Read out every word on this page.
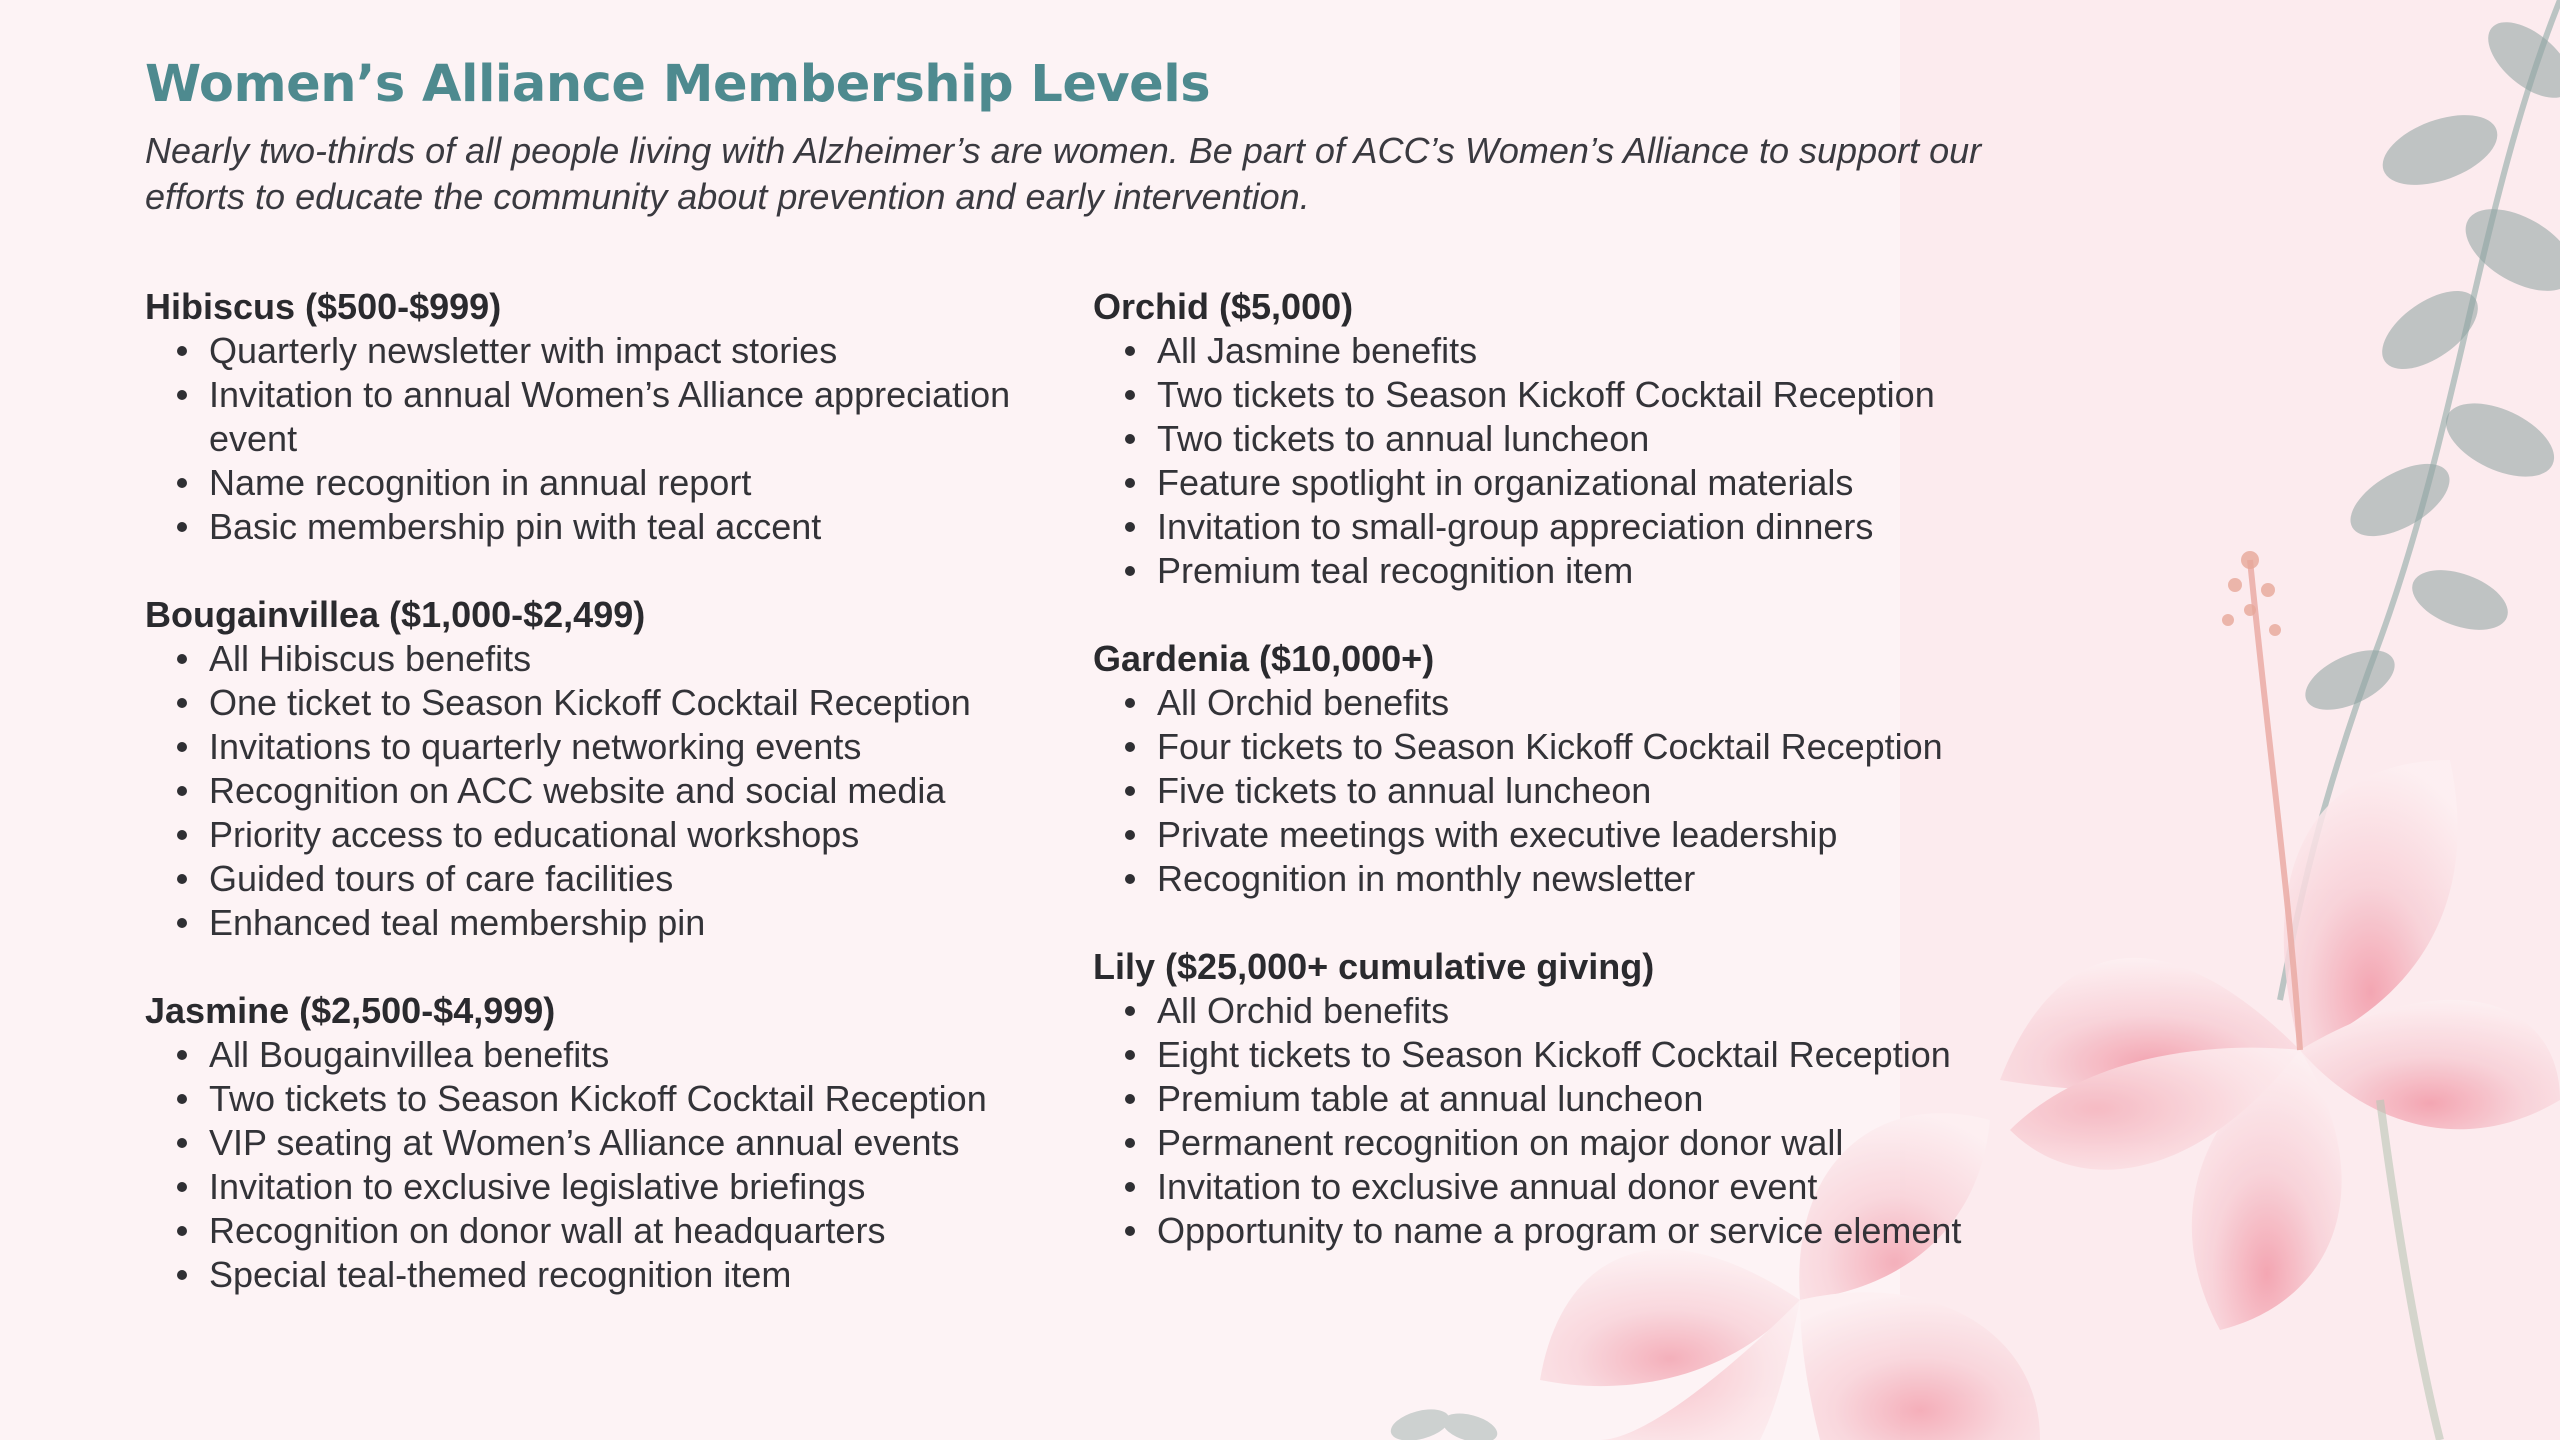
Women’s Alliance Membership Levels

Nearly two-thirds of all people living with Alzheimer’s are women. Be part of ACC’s Women’s Alliance to support our efforts to educate the community about prevention and early intervention.

Hibiscus ($500-$999)
Quarterly newsletter with impact stories
Invitation to annual Women’s Alliance appreciation event
Name recognition in annual report
Basic membership pin with teal accent
Bougainvillea ($1,000-$2,499)
All Hibiscus benefits
One ticket to Season Kickoff Cocktail Reception
Invitations to quarterly networking events
Recognition on ACC website and social media
Priority access to educational workshops
Guided tours of care facilities
Enhanced teal membership pin
Jasmine ($2,500-$4,999)
All Bougainvillea benefits
Two tickets to Season Kickoff Cocktail Reception
VIP seating at Women’s Alliance annual events
Invitation to exclusive legislative briefings
Recognition on donor wall at headquarters
Special teal-themed recognition item
Orchid ($5,000)
All Jasmine benefits
Two tickets to Season Kickoff Cocktail Reception
Two tickets to annual luncheon
Feature spotlight in organizational materials
Invitation to small-group appreciation dinners
Premium teal recognition item
Gardenia ($10,000+)
All Orchid benefits
Four tickets to Season Kickoff Cocktail Reception
Five tickets to annual luncheon
Private meetings with executive leadership
Recognition in monthly newsletter
Lily ($25,000+ cumulative giving)
All Orchid benefits
Eight tickets to Season Kickoff Cocktail Reception
Premium table at annual luncheon
Permanent recognition on major donor wall
Invitation to exclusive annual donor event
Opportunity to name a program or service element
